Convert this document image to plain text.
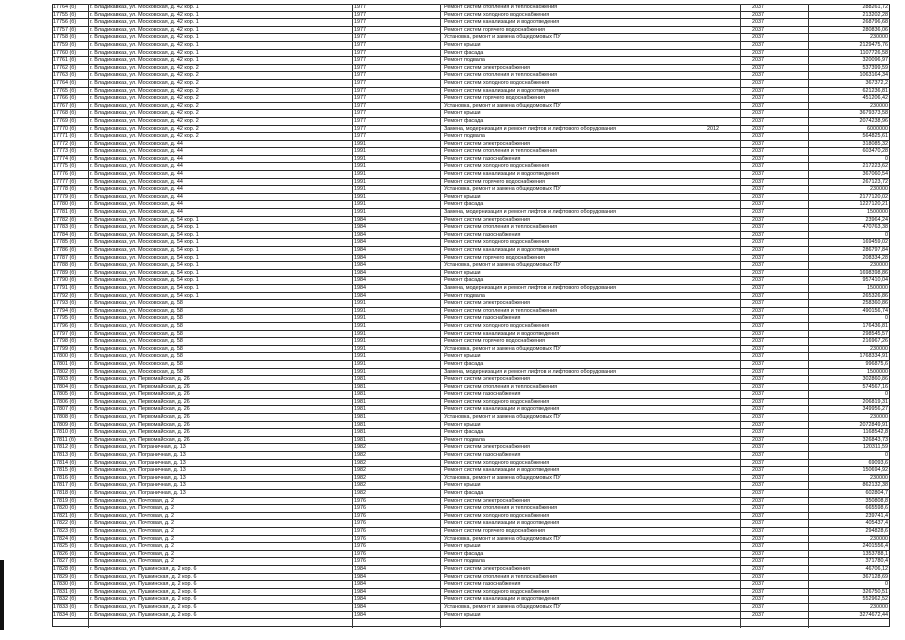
17764 (б)	г. Владикавказ, ул. Московская, д. 42 кор. 1	1977	Ремонт систем отопления и теплоснабжения	2037	288261,72
17755 (б)	г. Владикавказ, ул. Московская, д. 42 кор. 1	1977	Ремонт систем холодного водоснабжения	2037	213202,28
17756 (б)	г. Владикавказ, ул. Московская, д. 42 кор. 1	1977	Ремонт систем канализации и водоотведения	2037	268796,68
17757 (б)	г. Владикавказ, ул. Московская, д. 42 кор. 1	1977	Ремонт систем горячего водоснабжения	2037	280836,06
17758 (б)	г. Владикавказ, ул. Московская, д. 42 кор. 1	1977	Установка, ремонт и замена общедомовых ПУ	2037	230000
17759 (б)	г. Владикавказ, ул. Московская, д. 42 кор. 1	1977	Ремонт крыши	2037	2129475,76
17760 (б)	г. Владикавказ, ул. Московская, д. 42 кор. 1	1977	Ремонт фасада	2037	1107726,58
17761 (б)	г. Владикавказ, ул. Московская, д. 42 кор. 1	1977	Ремонт подвала	2037	320096,97
17762 (б)	г. Владикавказ, ул. Московская, д. 42 кор. 2	1977	Ремонт систем электроснабжения	2037	537399,59
17763 (б)	г. Владикавказ, ул. Московская, д. 42 кор. 2	1977	Ремонт систем отопления и теплоснабжения	2037	1063164,34
17764 (б)	г. Владикавказ, ул. Московская, д. 42 кор. 2	1977	Ремонт систем холодного водоснабжения	2037	367372,2
17765 (б)	г. Владикавказ, ул. Московская, д. 42 кор. 2	1977	Ремонт систем канализации и водоотведения	2037	621236,81
17766 (б)	г. Владикавказ, ул. Московская, д. 42 кор. 2	1977	Ремонт систем горячего водоснабжения	2037	451206,42
17767 (б)	г. Владикавказ, ул. Московская, д. 42 кор. 2	1977	Установка, ремонт и замена общедомовых ПУ	2037	230000
17768 (б)	г. Владикавказ, ул. Московская, д. 42 кор. 2	1977	Ремонт крыши	2037	3679373,58
17769 (б)	г. Владикавказ, ул. Московская, д. 42 кор. 2	1977	Ремонт фасада	2037	2074238,96
17770 (б)	г. Владикавказ, ул. Московская, д. 42 кор. 2	1977	Замена, модернизация и ремонт лифтов и лифтового оборудования	2012	2037	6000000
17771 (б)	г. Владикавказ, ул. Московская, д. 42 кор. 2	1977	Ремонт подвала	2037	564825,61
17772 (б)	г. Владикавказ, ул. Московская, д. 44	1991	Ремонт систем электроснабжения	2037	318085,32
17773 (б)	г. Владикавказ, ул. Московская, д. 44	1991	Ремонт систем отопления и теплоснабжения	2037	603470,28
17774 (б)	г. Владикавказ, ул. Московская, д. 44	1991	Ремонт систем газоснабжения	2037	0
17775 (б)	г. Владикавказ, ул. Московская, д. 44	1991	Ремонт систем холодного водоснабжения	2037	217223,62
17776 (б)	г. Владикавказ, ул. Московская, д. 44	1991	Ремонт систем канализации и водоотведения	2037	367060,54
17777 (б)	г. Владикавказ, ул. Московская, д. 44	1991	Ремонт систем горячего водоснабжения	2037	267123,72
17778 (б)	г. Владикавказ, ул. Московская, д. 44	1991	Установка, ремонт и замена общедомовых ПУ	2037	230000
17779 (б)	г. Владикавказ, ул. Московская, д. 44	1991	Ремонт крыши	2037	2177120,02
17780 (б)	г. Владикавказ, ул. Московская, д. 44	1991	Ремонт фасада	2037	1227120,21
17781 (б)	г. Владикавказ, ул. Московская, д. 44	1991	Замена, модернизация и ремонт лифтов и лифтового оборудования	2037	1500000
17782 (б)	г. Владикавказ, ул. Московская, д. 54 кор. 1	1984	Ремонт систем электроснабжения	2037	23964,24
17783 (б)	г. Владикавказ, ул. Московская, д. 54 кор. 1	1984	Ремонт систем отопления и теплоснабжения	2037	470763,38
17784 (б)	г. Владикавказ, ул. Московская, д. 54 кор. 1	1984	Ремонт систем газоснабжения	2037	0
17785 (б)	г. Владикавказ, ул. Московская, д. 54 кор. 1	1984	Ремонт систем холодного водоснабжения	2037	169459,02
17786 (б)	г. Владикавказ, ул. Московская, д. 54 кор. 1	1984	Ремонт систем канализации и водоотведения	2037	286797,84
17787 (б)	г. Владикавказ, ул. Московская, д. 54 кор. 1	1984	Ремонт систем горячего водоснабжения	2037	208334,28
17788 (б)	г. Владикавказ, ул. Московская, д. 54 кор. 1	1984	Установка, ремонт и замена общедомовых ПУ	2037	230000
17789 (б)	г. Владикавказ, ул. Московская, д. 54 кор. 1	1984	Ремонт крыши	2037	1698398,86
17790 (б)	г. Владикавказ, ул. Московская, д. 54 кор. 1	1984	Ремонт фасада	2037	957410,04
17791 (б)	г. Владикавказ, ул. Московская, д. 54 кор. 1	1984	Замена, модернизация и ремонт лифтов и лифтового оборудования	2037	1500000
17792 (б)	г. Владикавказ, ул. Московская, д. 54 кор. 1	1984	Ремонт подвала	2037	265326,86
17793 (б)	г. Владикавказ, ул. Московская, д. 58	1991	Ремонт систем электроснабжения	2037	258360,86
17794 (б)	г. Владикавказ, ул. Московская, д. 58	1991	Ремонт систем отопления и теплоснабжения	2037	490156,74
17795 (б)	г. Владикавказ, ул. Московская, д. 58	1991	Ремонт систем газоснабжения	2037	0
17796 (б)	г. Владикавказ, ул. Московская, д. 58	1991	Ремонт систем холодного водоснабжения	2037	176436,81
17797 (б)	г. Владикавказ, ул. Московская, д. 58	1991	Ремонт систем канализации и водоотведения	2037	298545,57
17798 (б)	г. Владикавказ, ул. Московская, д. 58	1991	Ремонт систем горячего водоснабжения	2037	216967,26
17799 (б)	г. Владикавказ, ул. Московская, д. 58	1991	Установка, ремонт и замена общедомовых ПУ	2037	230000
17800 (б)	г. Владикавказ, ул. Московская, д. 58	1991	Ремонт крыши	2037	1768334,91
17801 (б)	г. Владикавказ, ул. Московская, д. 58	1991	Ремонт фасада	2037	996875,6
17802 (б)	г. Владикавказ, ул. Московская, д. 58	1991	Замена, модернизация и ремонт лифтов и лифтового оборудования	2037	1500000
17803 (б)	г. Владикавказ, ул. Первомайская, д. 26	1981	Ремонт систем электроснабжения	2037	302860,86
17804 (б)	г. Владикавказ, ул. Первомайская, д. 26	1981	Ремонт систем отопления и теплоснабжения	2037	574567,16
17805 (б)	г. Владикавказ, ул. Первомайская, д. 26	1981	Ремонт систем газоснабжения	2037	0
17806 (б)	г. Владикавказ, ул. Первомайская, д. 26	1981	Ремонт систем холодного водоснабжения	2037	206819,31
17807 (б)	г. Владикавказ, ул. Первомайская, д. 26	1981	Ремонт систем канализации и водоотведения	2037	349956,27
17808 (б)	г. Владикавказ, ул. Первомайская, д. 26	1981	Установка, ремонт и замена общедомовых ПУ	2037	230000
17809 (б)	г. Владикавказ, ул. Первомайская, д. 26	1981	Ремонт крыши	2037	2072849,91
17810 (б)	г. Владикавказ, ул. Первомайская, д. 26	1981	Ремонт фасада	2037	1168542,8
17811 (б)	г. Владикавказ, ул. Первомайская, д. 26	1981	Ремонт подвала	2037	326843,73
17812 (б)	г. Владикавказ, ул. Пограничная, д. 13	1982	Ремонт систем электроснабжения	2037	120311,59
17813 (б)	г. Владикавказ, ул. Пограничная, д. 13	1982	Ремонт систем газоснабжения	2037	0
17814 (б)	г. Владикавказ, ул. Пограничная, д. 13	1982	Ремонт систем холодного водоснабжения	2037	69093,6
17815 (б)	г. Владикавказ, ул. Пограничная, д. 13	1982	Ремонт систем канализации и водоотведения	2037	150694,92
17816 (б)	г. Владикавказ, ул. Пограничная, д. 13	1982	Установка, ремонт и замена общедомовых ПУ	2037	230000
17817 (б)	г. Владикавказ, ул. Пограничная, д. 13	1982	Ремонт крыши	2037	862132,38
17818 (б)	г. Владикавказ, ул. Пограничная, д. 13	1982	Ремонт фасада	2037	602804,7
17819 (б)	г. Владикавказ, ул. Почтовая, д. 2	1976	Ремонт систем электроснабжения	2037	350808,8
17820 (б)	г. Владикавказ, ул. Почтовая, д. 2	1976	Ремонт систем отопления и теплоснабжения	2037	665598,6
17821 (б)	г. Владикавказ, ул. Почтовая, д. 2	1976	Ремонт систем холодного водоснабжения	2037	239741,4
17822 (б)	г. Владикавказ, ул. Почтовая, д. 2	1976	Ремонт систем канализации и водоотведения	2037	405437,4
17823 (б)	г. Владикавказ, ул. Почтовая, д. 2	1976	Ремонт систем горячего водоснабжения	2037	294828,6
17824 (б)	г. Владикавказ, ул. Почтовая, д. 2	1976	Установка, ремонт и замена общедомовых ПУ	2037	230000
17825 (б)	г. Владикавказ, ул. Почтовая, д. 2	1976	Ремонт крыши	2037	2401556,4
17826 (б)	г. Владикавказ, ул. Почтовая, д. 2	1976	Ремонт фасада	2037	1353788,1
17827 (б)	г. Владикавказ, ул. Почтовая, д. 2	1976	Ремонт подвала	2037	371780,4
17828 (б)	г. Владикавказ, ул. Пушкинская, д. 2 кор. 6	1984	Ремонт систем электроснабжения	2037	46706,12
17829 (б)	г. Владикавказ, ул. Пушкинская, д. 2 кор. 6	1984	Ремонт систем отопления и теплоснабжения	2037	367128,69
17830 (б)	г. Владикавказ, ул. Пушкинская, д. 2 кор. 6	1984	Ремонт систем газоснабжения	2037	0
17831 (б)	г. Владикавказ, ул. Пушкинская, д. 2 кор. 6	1984	Ремонт систем холодного водоснабжения	2037	326750,51
17832 (б)	г. Владикавказ, ул. Пушкинская, д. 2 кор. 6	1984	Ремонт систем канализации и водоотведения	2037	552962,52
17833 (б)	г. Владикавказ, ул. Пушкинская, д. 2 кор. 6	1984	Установка, ремонт и замена общедомовых ПУ	2037	230000
17834 (б)	г. Владикавказ, ул. Пушкинская, д. 2 кор. 6	1984	Ремонт крыши	2037	3274672,44
